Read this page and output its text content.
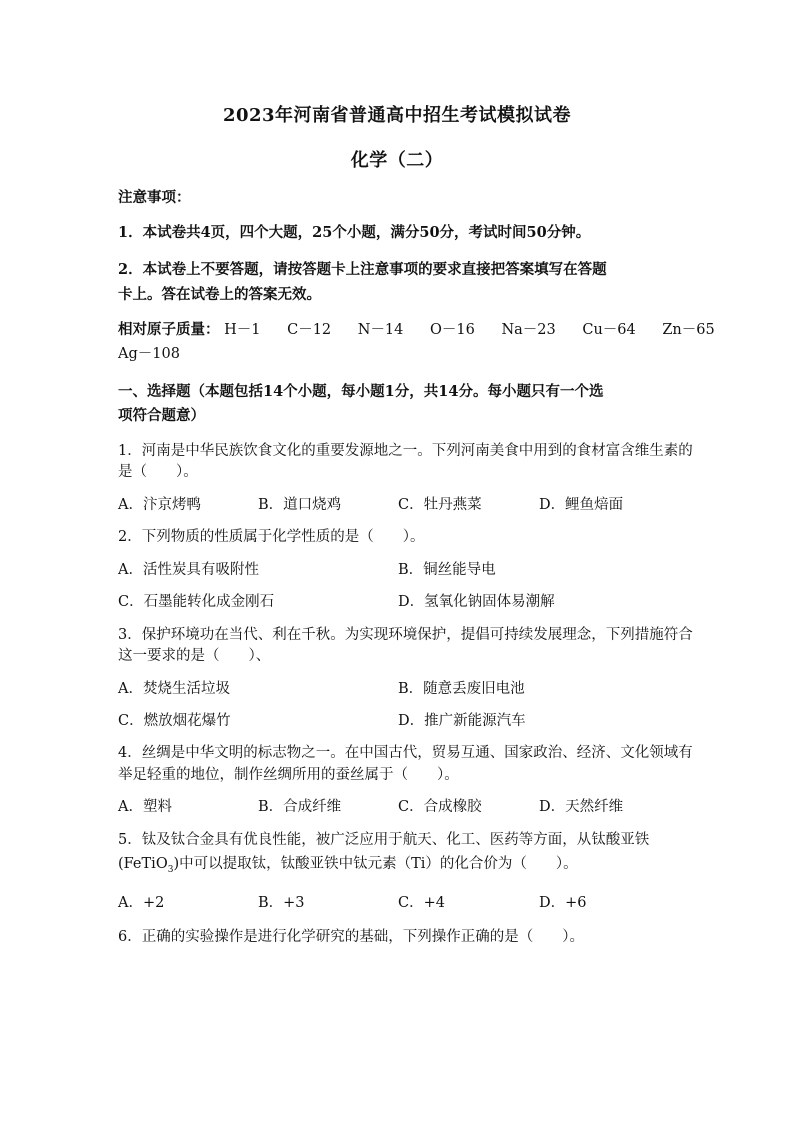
2023年河南省普通高中招生考试模拟试卷
化学（二）
注意事项：
1．本试卷共4页，四个大题，25个小题，满分50分，考试时间50分钟。
2．本试卷上不要答题，请按答题卡上注意事项的要求直接把答案填写在答题
卡上。答在试卷上的答案无效。
相对原子质量： H－1 C－12 N－14 O－16 Na－23 Cu－64 Zn－65
Ag－108
一、选择题（本题包括14个小题，每小题1分，共14分。每小题只有一个选
项符合题意）
1．河南是中华民族饮食文化的重要发源地之一。下列河南美食中用到的食材富含维生素的
是（　　）。
A．汴京烤鸭	B．道口烧鸡	C．牡丹燕菜	D．鲤鱼焙面
2．下列物质的性质属于化学性质的是（　　）。
A．活性炭具有吸附性	B．铜丝能导电
C．石墨能转化成金刚石	D．氢氧化钠固体易潮解
3．保护环境功在当代、利在千秋。为实现环境保护，提倡可持续发展理念，下列措施符合
这一要求的是（　　）、
A．焚烧生活垃圾	B．随意丢废旧电池
C．燃放烟花爆竹	D．推广新能源汽车
4．丝绸是中华文明的标志物之一。在中国古代，贸易互通、国家政治、经济、文化领域有
举足轻重的地位，制作丝绸所用的蚕丝属于（　　）。
A．塑料	B．合成纤维	C．合成橡胶	D．天然纤维
5．钛及钛合金具有优良性能，被广泛应用于航天、化工、医药等方面，从钛酸亚铁
(FeTiO$_3$)中可以提取钛，钛酸亚铁中钛元素（Ti）的化合价为（　　）。
A．+2	B．+3	C．+4	D．+6
6．正确的实验操作是进行化学研究的基础，下列操作正确的是（　　）。
